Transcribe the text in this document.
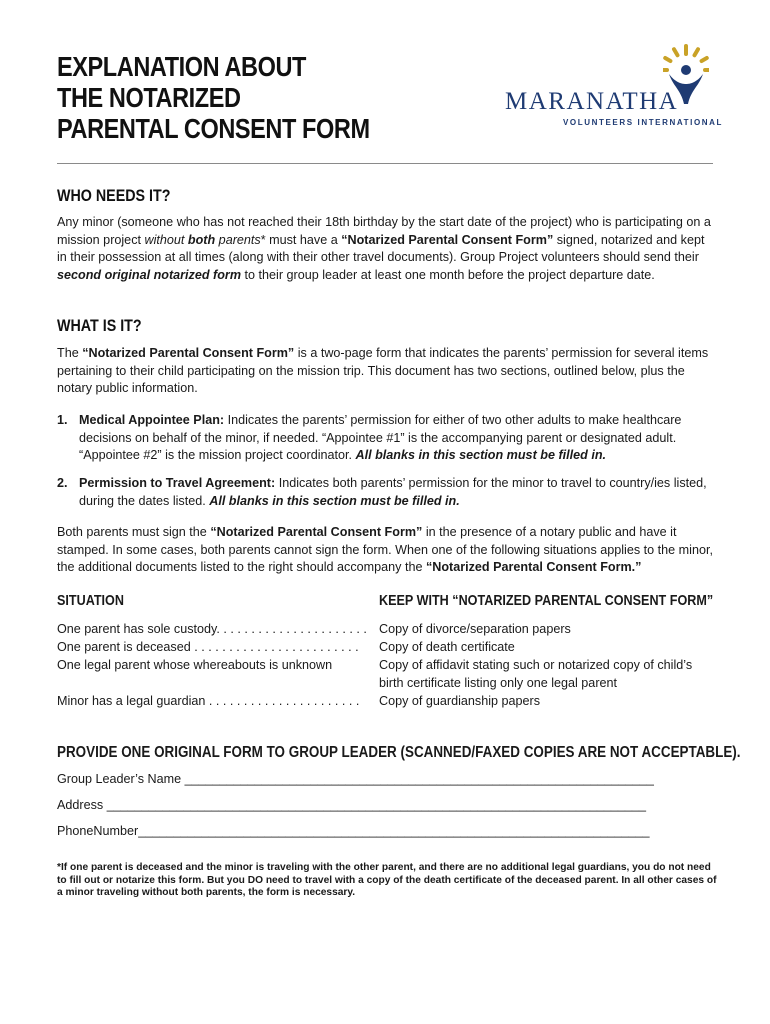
EXPLANATION ABOUT
THE NOTARIZED
PARENTAL CONSENT FORM
MARANATHA
VOLUNTEERS INTERNATIONAL
WHO NEEDS IT?
Any minor (someone who has not reached their 18th birthday by the start date of the project) who is participating on a mission project without both parents* must have a “Notarized Parental Consent Form” signed, notarized and kept in their possession at all times (along with their other travel documents). Group Project volunteers should send their second original notarized form to their group leader at least one month before the project departure date.
WHAT IS IT?
The “Notarized Parental Consent Form” is a two-page form that indicates the parents’ permission for several items pertaining to their child participating on the mission trip. This document has two sections, outlined below, plus the notary public information.
1. Medical Appointee Plan: Indicates the parents’ permission for either of two other adults to make healthcare decisions on behalf of the minor, if needed. “Appointee #1” is the accompanying parent or designated adult. “Appointee #2” is the mission project coordinator. All blanks in this section must be filled in.
2. Permission to Travel Agreement: Indicates both parents’ permission for the minor to travel to country/ies listed, during the dates listed. All blanks in this section must be filled in.
Both parents must sign the “Notarized Parental Consent Form” in the presence of a notary public and have it stamped. In some cases, both parents cannot sign the form. When one of the following situations applies to the minor, the additional documents listed to the right should accompany the “Notarized Parental Consent Form.”
SITUATION	KEEP WITH “NOTARIZED PARENTAL CONSENT FORM”
One parent has sole custody. . . . . . . . . . . . . . . . . . . . . . Copy of divorce/separation papers
One parent is deceased . . . . . . . . . . . . . . . . . . . . . . . .	Copy of death certificate
One legal parent whose whereabouts is unknown	Copy of affidavit stating such or notarized copy of child’s birth certificate listing only one legal parent
Minor has a legal guardian . . . . . . . . . . . . . . . . . . . . . .	Copy of guardianship papers
PROVIDE ONE ORIGINAL FORM TO GROUP LEADER (SCANNED/FAXED COPIES ARE NOT ACCEPTABLE).
Group Leader’s Name ___________________________________________________________________
Address _____________________________________________________________________________
PhoneNumber_________________________________________________________________________
*If one parent is deceased and the minor is traveling with the other parent, and there are no additional legal guardians, you do not need to fill out or notarize this form. But you DO need to travel with a copy of the death certificate of the deceased parent. In all other cases of a minor traveling without both parents, the form is necessary.
